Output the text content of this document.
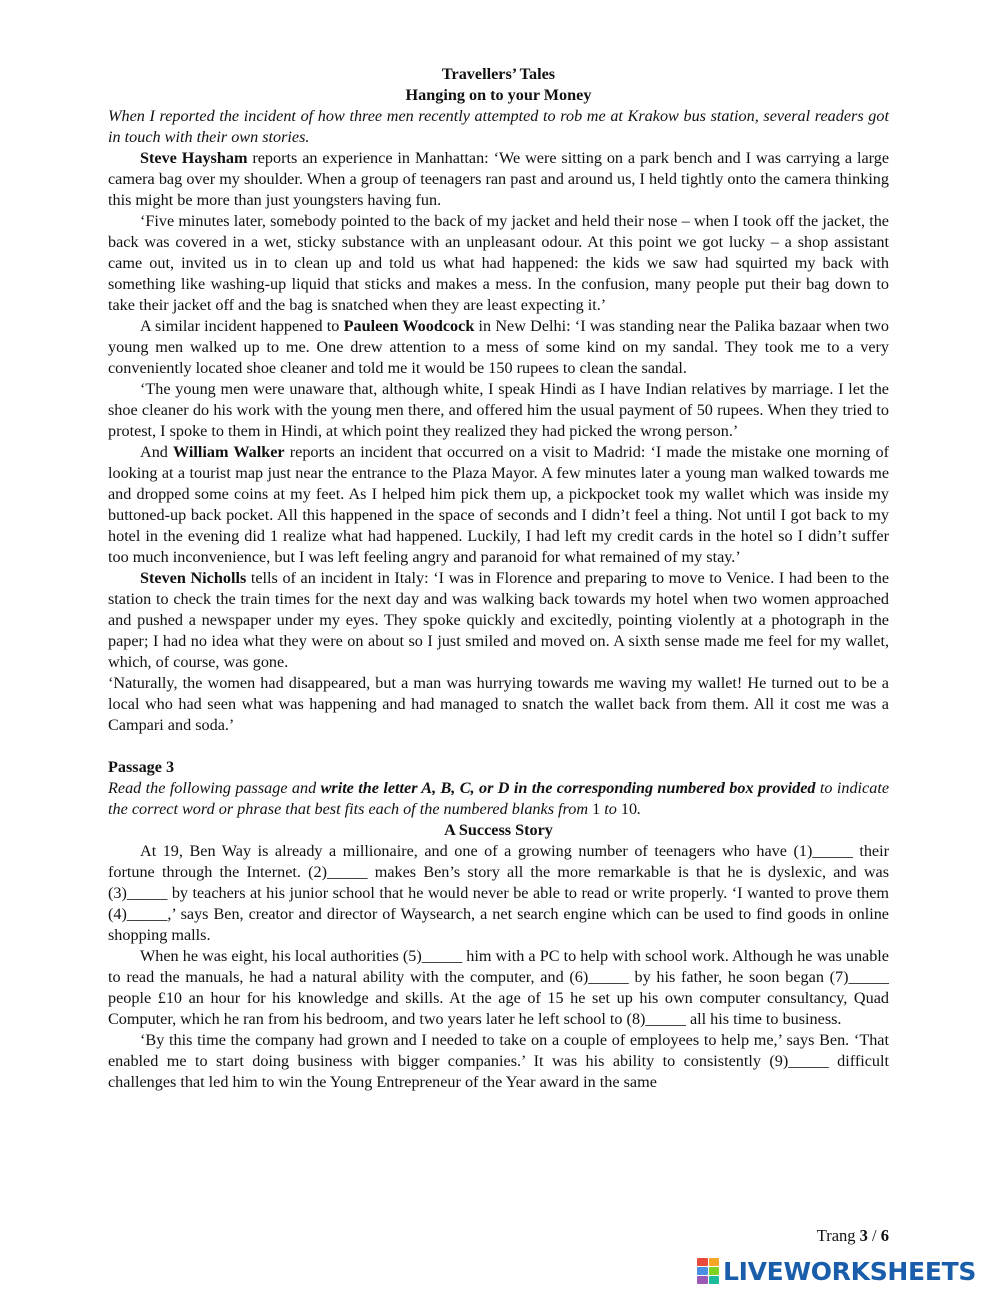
Travellers’ Tales

Hanging on to your Money

When I reported the incident of how three men recently attempted to rob me at Krakow bus station, several readers got in touch with their own stories.

Steve Haysham reports an experience in Manhattan: ‘We were sitting on a park bench and I was carrying a large camera bag over my shoulder. When a group of teenagers ran past and around us, I held tightly onto the camera thinking this might be more than just youngsters having fun.

‘Five minutes later, somebody pointed to the back of my jacket and held their nose – when I took off the jacket, the back was covered in a wet, sticky substance with an unpleasant odour. At this point we got lucky – a shop assistant came out, invited us in to clean up and told us what had happened: the kids we saw had squirted my back with something like washing-up liquid that sticks and makes a mess. In the confusion, many people put their bag down to take their jacket off and the bag is snatched when they are least expecting it.’

A similar incident happened to Pauleen Woodcock in New Delhi: ‘I was standing near the Palika bazaar when two young men walked up to me. One drew attention to a mess of some kind on my sandal. They took me to a very conveniently located shoe cleaner and told me it would be 150 rupees to clean the sandal.

‘The young men were unaware that, although white, I speak Hindi as I have Indian relatives by marriage. I let the shoe cleaner do his work with the young men there, and offered him the usual payment of 50 rupees. When they tried to protest, I spoke to them in Hindi, at which point they realized they had picked the wrong person.’

And William Walker reports an incident that occurred on a visit to Madrid: ‘I made the mistake one morning of looking at a tourist map just near the entrance to the Plaza Mayor. A few minutes later a young man walked towards me and dropped some coins at my feet. As I helped him pick them up, a pickpocket took my wallet which was inside my buttoned-up back pocket. All this happened in the space of seconds and I didn’t feel a thing. Not until I got back to my hotel in the evening did 1 realize what had happened. Luckily, I had left my credit cards in the hotel so I didn’t suffer too much inconvenience, but I was left feeling angry and paranoid for what remained of my stay.’

Steven Nicholls tells of an incident in Italy: ‘I was in Florence and preparing to move to Venice. I had been to the station to check the train times for the next day and was walking back towards my hotel when two women approached and pushed a newspaper under my eyes. They spoke quickly and excitedly, pointing violently at a photograph in the paper; I had no idea what they were on about so I just smiled and moved on. A sixth sense made me feel for my wallet, which, of course, was gone.

‘Naturally, the women had disappeared, but a man was hurrying towards me waving my wallet! He turned out to be a local who had seen what was happening and had managed to snatch the wallet back from them. All it cost me was a Campari and soda.’

Passage 3

Read the following passage and write the letter A, B, C, or D in the corresponding numbered box provided to indicate the correct word or phrase that best fits each of the numbered blanks from 1 to 10.

A Success Story

At 19, Ben Way is already a millionaire, and one of a growing number of teenagers who have (1)_____ their fortune through the Internet. (2)_____ makes Ben’s story all the more remarkable is that he is dyslexic, and was (3)_____ by teachers at his junior school that he would never be able to read or write properly. ‘I wanted to prove them (4)_____,’ says Ben, creator and director of Waysearch, a net search engine which can be used to find goods in online shopping malls.

When he was eight, his local authorities (5)_____ him with a PC to help with school work. Although he was unable to read the manuals, he had a natural ability with the computer, and (6)_____ by his father, he soon began (7)_____ people £10 an hour for his knowledge and skills. At the age of 15 he set up his own computer consultancy, Quad Computer, which he ran from his bedroom, and two years later he left school to (8)_____ all his time to business.

‘By this time the company had grown and I needed to take on a couple of employees to help me,’ says Ben. ‘That enabled me to start doing business with bigger companies.’ It was his ability to consistently (9)_____ difficult challenges that led him to win the Young Entrepreneur of the Year award in the same

Trang 3 / 6
LIVEWORKSHEETS
